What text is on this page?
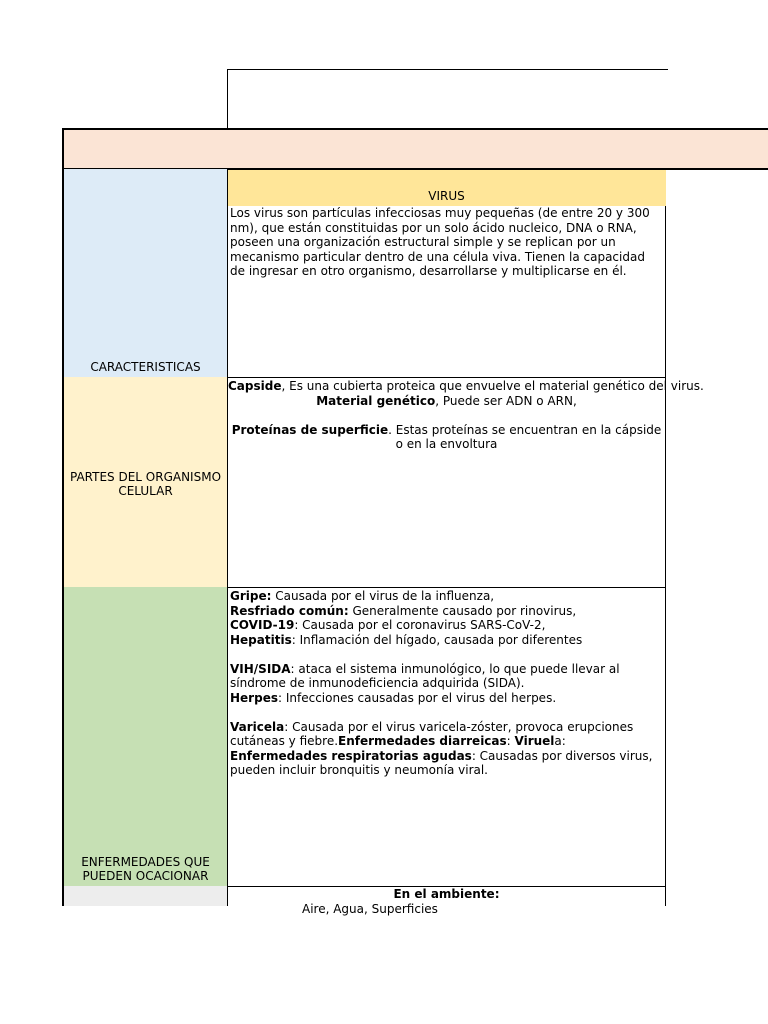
VIRUS
CARACTERISTICAS
Los virus son partículas infecciosas muy pequeñas (de entre 20 y 300 nm), que están constituidas por un solo ácido nucleico, DNA o RNA, poseen una organización estructural simple y se replican por un mecanismo particular dentro de una célula viva. Tienen la capacidad de ingresar en otro organismo, desarrollarse y multiplicarse en él.
PARTES DEL ORGANISMO CELULAR
Capside, Es una cubierta proteica que envuelve el material genético del virus.
Material genético, Puede ser ADN o ARN,
Proteínas de superficie. Estas proteínas se encuentran en la cápside o en la envoltura
ENFERMEDADES QUE PUEDEN OCACIONAR
Gripe: Causada por el virus de la influenza,
Resfriado común: Generalmente causado por rinovirus,
COVID-19: Causada por el coronavirus SARS-CoV-2,
Hepatitis: Inflamación del hígado, causada por diferentes
VIH/SIDA: ataca el sistema inmunológico, lo que puede llevar al síndrome de inmunodeficiencia adquirida (SIDA).
Herpes: Infecciones causadas por el virus del herpes.
Varicela: Causada por el virus varicela-zóster, provoca erupciones cutáneas y fiebre.Enfermedades diarreicas: Viruela:
Enfermedades respiratorias agudas: Causadas por diversos virus, pueden incluir bronquitis y neumonía viral.
En el ambiente:
Aire, Agua, Superficies
